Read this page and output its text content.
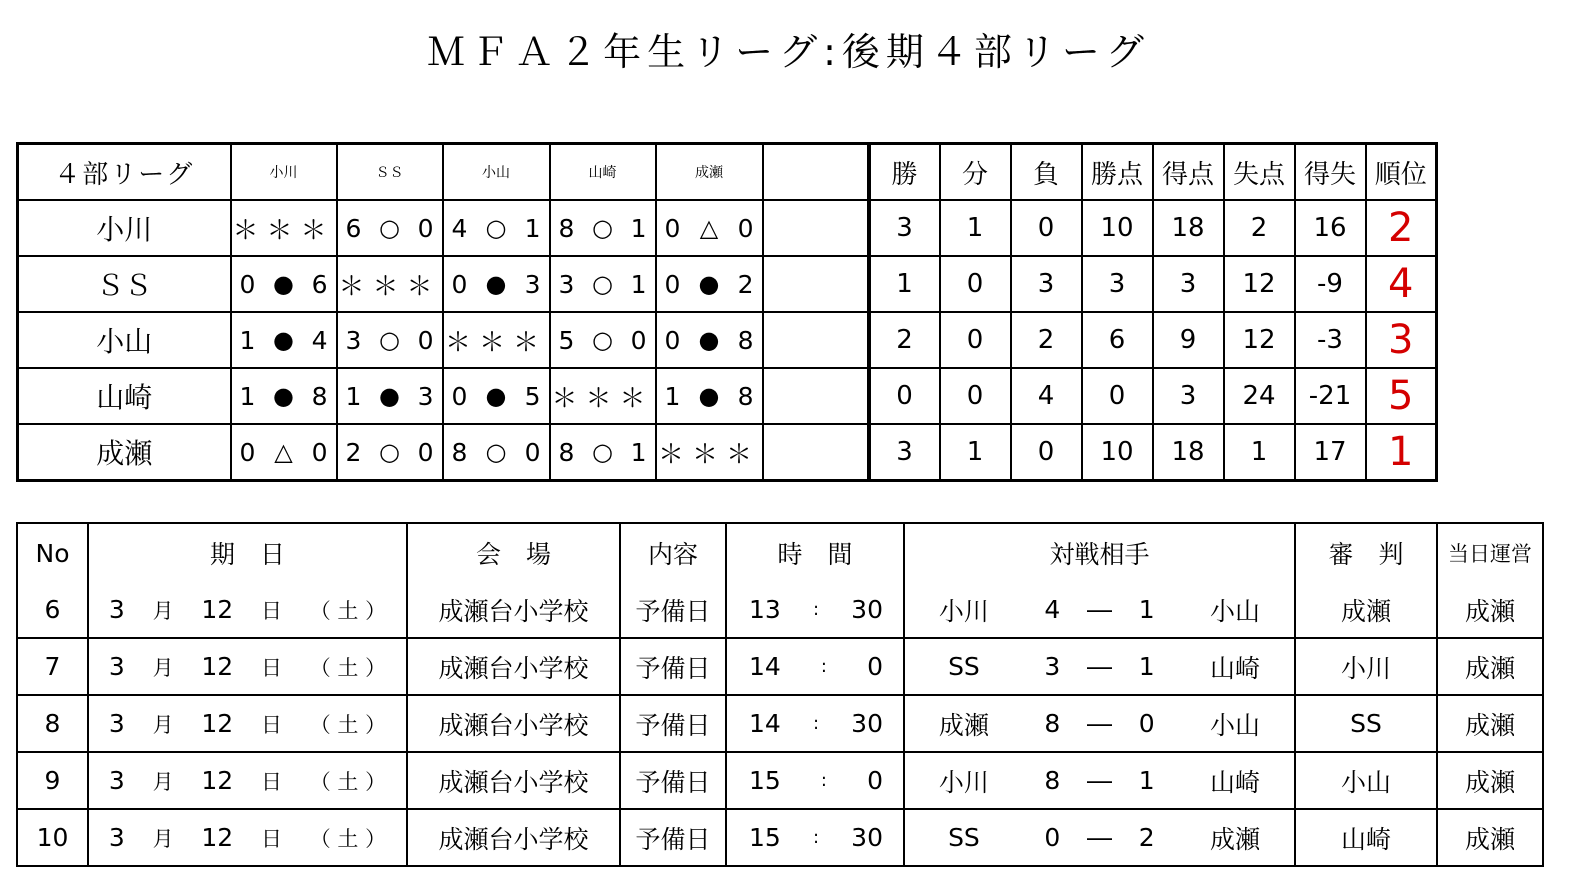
ＭＦＡ２年生リーグ:後期４部リーグ
４部リーグ	小川	ＳＳ	小山	山崎	成瀬		勝	分	負	勝点	得点	失点	得失	順位
小川	＊＊＊	6 ○ 0	4 ○ 1	8 ○ 1	0 △ 0		3	1	0	10	18	2	16	2
ＳＳ	0 ● 6	＊＊＊	0 ● 3	3 ○ 1	0 ● 2		1	0	3	3	3	12	-9	4
小山	1 ● 4	3 ○ 0	＊＊＊	5 ○ 0	0 ● 8		2	0	2	6	9	12	-3	3
山崎	1 ● 8	1 ● 3	0 ● 5	＊＊＊	1 ● 8		0	0	4	0	3	24	-21	5
成瀬	0 △ 0	2 ○ 0	8 ○ 0	8 ○ 1	＊＊＊		3	1	0	10	18	1	17	1
No	期　日	会　場	内容	時　間	対戦相手	審　判	当日運営
6	3 月 12 日 （ 土 ）	成瀬台小学校	予備日	13 : 30	小川 4 ― 1 小山	成瀬	成瀬
7	3 月 12 日 （ 土 ）	成瀬台小学校	予備日	14 : 0	SS 3 ― 1 山崎	小川	成瀬
8	3 月 12 日 （ 土 ）	成瀬台小学校	予備日	14 : 30	成瀬 8 ― 0 小山	SS	成瀬
9	3 月 12 日 （ 土 ）	成瀬台小学校	予備日	15 : 0	小川 8 ― 1 山崎	小山	成瀬
10	3 月 12 日 （ 土 ）	成瀬台小学校	予備日	15 : 30	SS 0 ― 2 成瀬	山崎	成瀬
